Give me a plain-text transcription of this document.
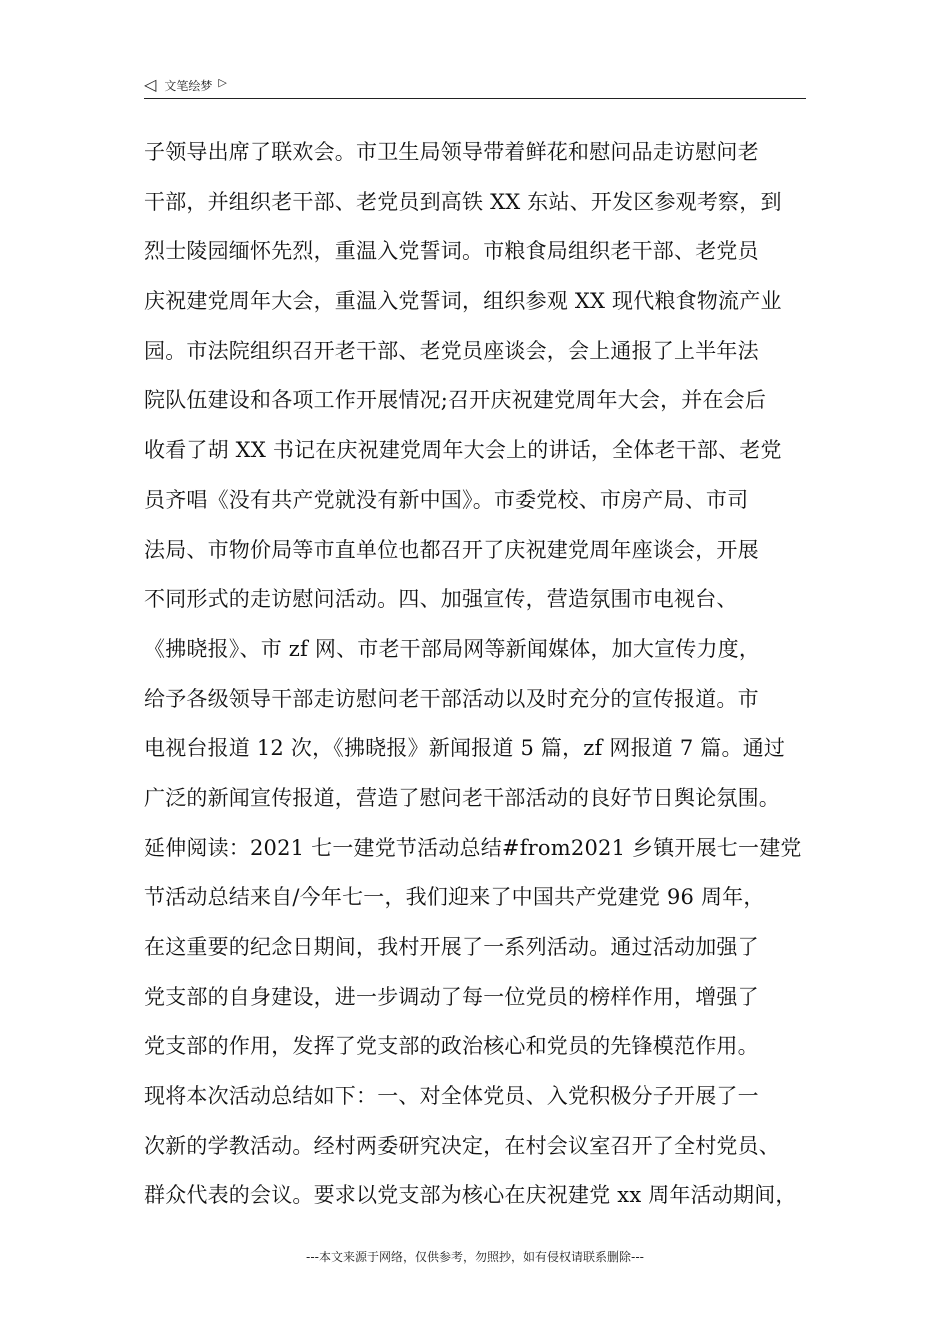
◁ 文笔绘梦 ▷
子领导出席了联欢会。市卫生局领导带着鲜花和慰问品走访慰问老
干部，并组织老干部、老党员到高铁 XX 东站、开发区参观考察，到
烈士陵园缅怀先烈，重温入党誓词。市粮食局组织老干部、老党员
庆祝建党周年大会，重温入党誓词，组织参观 XX 现代粮食物流产业
园。市法院组织召开老干部、老党员座谈会，会上通报了上半年法
院队伍建设和各项工作开展情况;召开庆祝建党周年大会，并在会后
收看了胡 XX 书记在庆祝建党周年大会上的讲话，全体老干部、老党
员齐唱《没有共产党就没有新中国》。市委党校、市房产局、市司
法局、市物价局等市直单位也都召开了庆祝建党周年座谈会，开展
不同形式的走访慰问活动。四、加强宣传，营造氛围市电视台、
《拂晓报》、市 zf 网、市老干部局网等新闻媒体，加大宣传力度，
给予各级领导干部走访慰问老干部活动以及时充分的宣传报道。市
电视台报道 12 次，《拂晓报》新闻报道 5 篇，zf 网报道 7 篇。通过
广泛的新闻宣传报道，营造了慰问老干部活动的良好节日舆论氛围。
延伸阅读：2021 七一建党节活动总结#from2021 乡镇开展七一建党
节活动总结来自/今年七一，我们迎来了中国共产党建党 96 周年，
在这重要的纪念日期间，我村开展了一系列活动。通过活动加强了
党支部的自身建设，进一步调动了每一位党员的榜样作用，增强了
党支部的作用，发挥了党支部的政治核心和党员的先锋模范作用。
现将本次活动总结如下：一、对全体党员、入党积极分子开展了一
次新的学教活动。经村两委研究决定，在村会议室召开了全村党员、
群众代表的会议。要求以党支部为核心在庆祝建党 xx 周年活动期间，
---本文来源于网络，仅供参考，勿照抄，如有侵权请联系删除---
